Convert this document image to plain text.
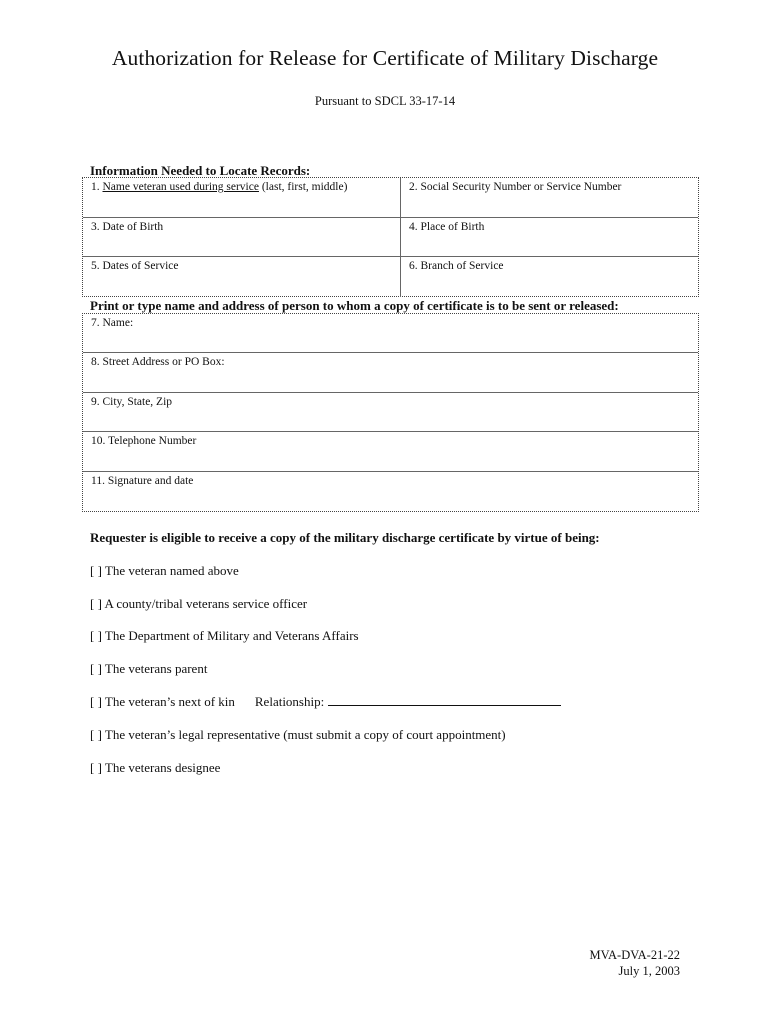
Authorization for Release for Certificate of Military Discharge
Pursuant to SDCL 33-17-14
Information Needed to Locate Records:
1. Name veteran used during service (last, first, middle)	2. Social Security Number or Service Number
3. Date of Birth	4. Place of Birth
5. Dates of Service	6. Branch of Service
Print or type name and address of person to whom a copy of certificate is to be sent or released:
7. Name:
8. Street Address or PO Box:
9. City, State, Zip
10. Telephone Number
11. Signature and date
Requester is eligible to receive a copy of the military discharge certificate by virtue of being:
[ ] The veteran named above
[ ] A county/tribal veterans service officer
[ ] The Department of Military and Veterans Affairs
[ ] The veterans parent
[ ] The veteran’s next of kin Relationship:
[ ] The veteran’s legal representative (must submit a copy of court appointment)
[ ] The veterans designee
MVA-DVA-21-22
July 1, 2003
